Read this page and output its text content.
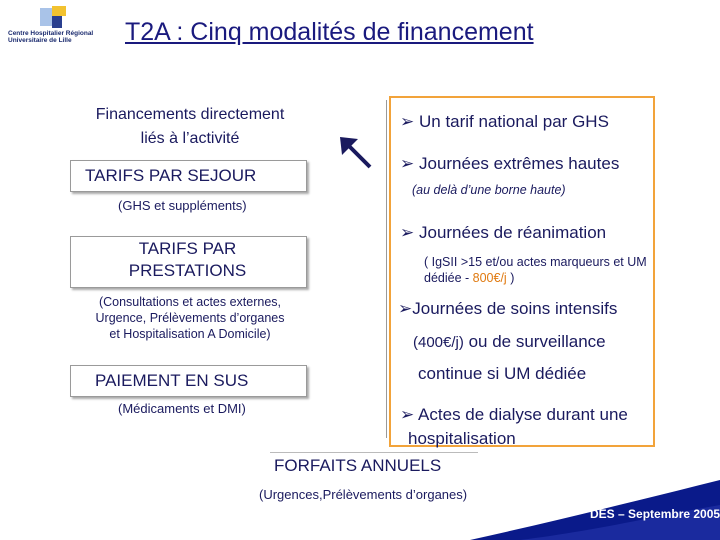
Centre Hospitalier Régional
Universitaire de Lille	T2A : Cinq modalités de financement
Financements directement
liés à l’activité
TARIFS PAR SEJOUR
(GHS et suppléments)
TARIFS PAR
PRESTATIONS
(Consultations et actes externes,
Urgence, Prélèvements d’organes
et Hospitalisation A Domicile)
PAIEMENT EN SUS
(Médicaments et DMI)
➢ Un tarif national par GHS
➢ Journées extrêmes hautes
(au delà d’une borne haute)
➢ Journées de réanimation
( IgSII >15 et/ou actes marqueurs et UM
dédiée - 800€/j )
➢Journées de soins intensifs
(400€/j) ou de surveillance
continue si UM dédiée
➢ Actes de dialyse durant une
hospitalisation
FORFAITS ANNUELS
(Urgences,Prélèvements d’organes)
DES – Septembre 2005
